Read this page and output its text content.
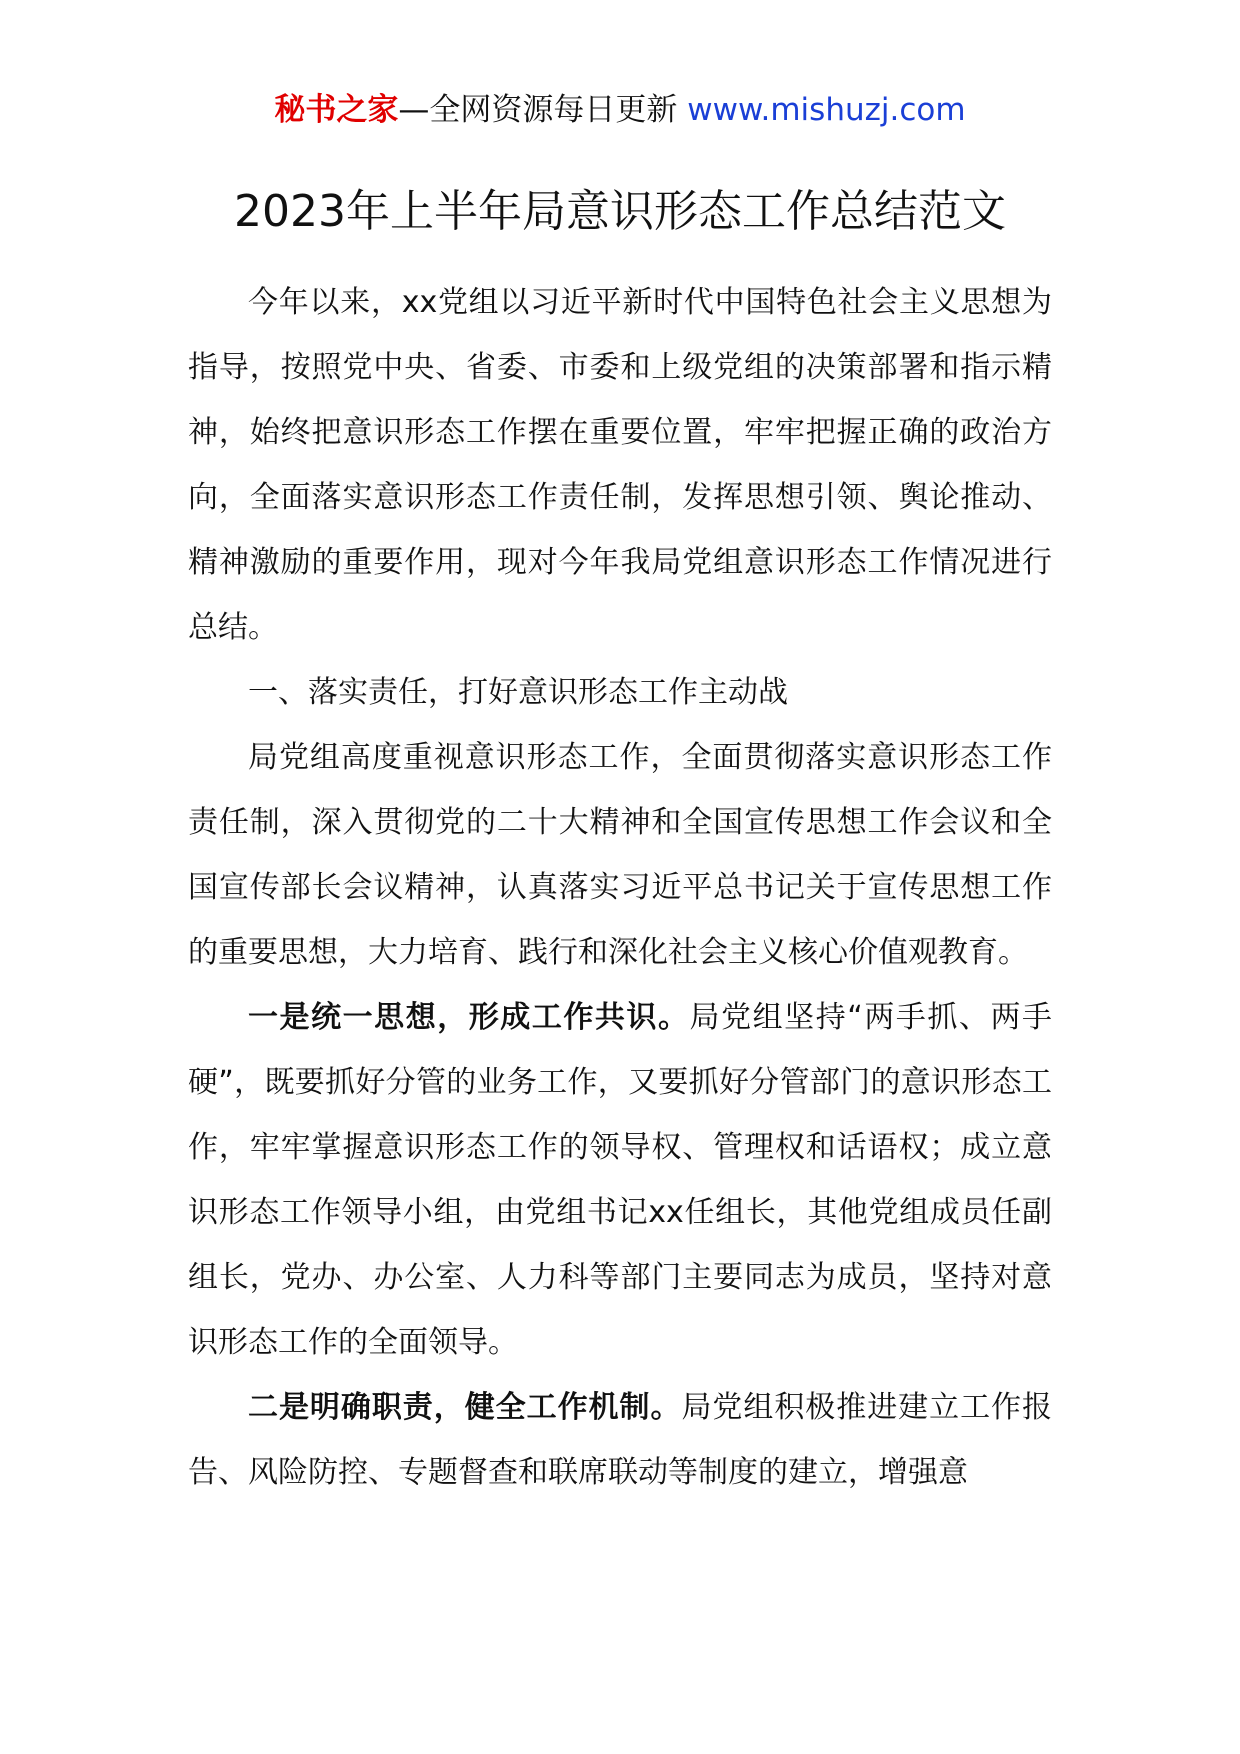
秘书之家—全网资源每日更新 www.mishuzj.com
2023年上半年局意识形态工作总结范文

今年以来，xx党组以习近平新时代中国特色社会主义思想为指导，按照党中央、省委、市委和上级党组的决策部署和指示精神，始终把意识形态工作摆在重要位置，牢牢把握正确的政治方向，全面落实意识形态工作责任制，发挥思想引领、舆论推动、精神激励的重要作用，现对今年我局党组意识形态工作情况进行总结。

一、落实责任，打好意识形态工作主动战

局党组高度重视意识形态工作，全面贯彻落实意识形态工作责任制，深入贯彻党的二十大精神和全国宣传思想工作会议和全国宣传部长会议精神，认真落实习近平总书记关于宣传思想工作的重要思想，大力培育、践行和深化社会主义核心价值观教育。

一是统一思想，形成工作共识。局党组坚持“两手抓、两手硬”，既要抓好分管的业务工作，又要抓好分管部门的意识形态工作，牢牢掌握意识形态工作的领导权、管理权和话语权；成立意识形态工作领导小组，由党组书记xx任组长，其他党组成员任副组长，党办、办公室、人力科等部门主要同志为成员，坚持对意识形态工作的全面领导。

二是明确职责，健全工作机制。局党组积极推进建立工作报告、风险防控、专题督查和联席联动等制度的建立，增强意
